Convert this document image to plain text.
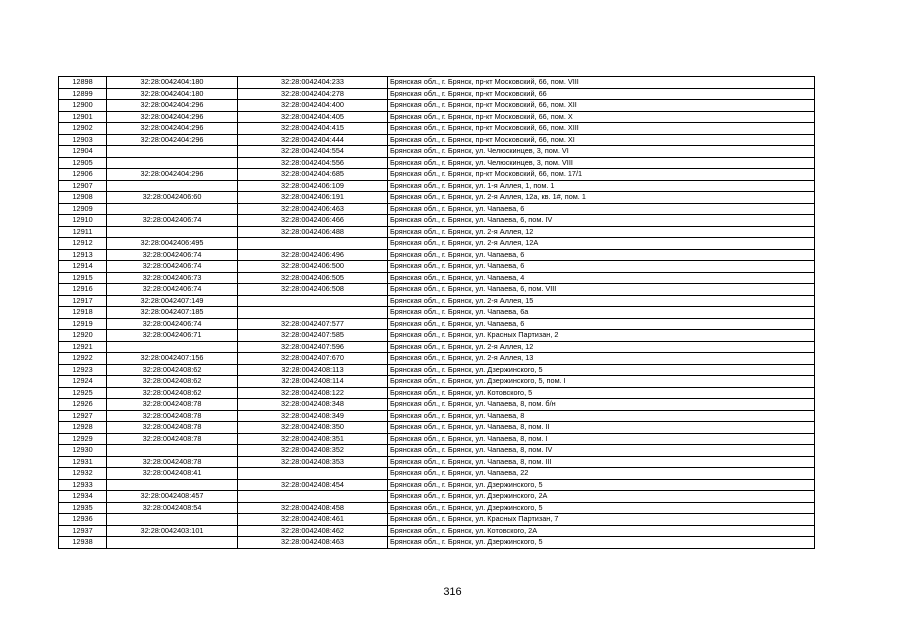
12898	32:28:0042404:180	32:28:0042404:233	Брянская обл., г. Брянск, пр-кт Московский, 66, пом. VIII
12899	32:28:0042404:180	32:28:0042404:278	Брянская обл., г. Брянск, пр-кт Московский, 66
12900	32:28:0042404:296	32:28:0042404:400	Брянская обл., г. Брянск, пр-кт Московский, 66, пом. XII
12901	32:28:0042404:296	32:28:0042404:405	Брянская обл., г. Брянск, пр-кт Московский, 66, пом. X
12902	32:28:0042404:296	32:28:0042404:415	Брянская обл., г. Брянск, пр-кт Московский, 66, пом. XIII
12903	32:28:0042404:296	32:28:0042404:444	Брянская обл., г. Брянск, пр-кт Московский, 66, пом. XI
12904		32:28:0042404:554	Брянская обл., г. Брянск, ул. Челюскинцев, 3, пом. VI
12905		32:28:0042404:556	Брянская обл., г. Брянск, ул. Челюскинцев, 3, пом. VIII
12906	32:28:0042404:296	32:28:0042404:685	Брянская обл., г. Брянск, пр-кт Московский, 66, пом. 17/1
12907		32:28:0042406:109	Брянская обл., г. Брянск, ул. 1-я Аллея, 1, пом. 1
12908	32:28:0042406:60	32:28:0042406:191	Брянская обл., г. Брянск, ул. 2-я Аллея, 12а, кв. 1#, пом. 1
12909		32:28:0042406:463	Брянская обл., г. Брянск, ул. Чапаева, 6
12910	32:28:0042406:74	32:28:0042406:466	Брянская обл., г. Брянск, ул. Чапаева, 6, пом. IV
12911		32:28:0042406:488	Брянская обл., г. Брянск, ул. 2-я Аллея, 12
12912	32:28:0042406:495		Брянская обл., г. Брянск, ул. 2-я Аллея, 12А
12913	32:28:0042406:74	32:28:0042406:496	Брянская обл., г. Брянск, ул. Чапаева, 6
12914	32:28:0042406:74	32:28:0042406:500	Брянская обл., г. Брянск, ул. Чапаева, 6
12915	32:28:0042406:73	32:28:0042406:505	Брянская обл., г. Брянск, ул. Чапаева, 4
12916	32:28:0042406:74	32:28:0042406:508	Брянская обл., г. Брянск, ул. Чапаева, 6, пом. VIII
12917	32:28:0042407:149		Брянская обл., г. Брянск, ул. 2-я Аллея, 15
12918	32:28:0042407:185		Брянская обл., г. Брянск, ул. Чапаева, 6а
12919	32:28:0042406:74	32:28:0042407:577	Брянская обл., г. Брянск, ул. Чапаева, 6
12920	32:28:0042406:71	32:28:0042407:585	Брянская обл., г. Брянск, ул. Красных Партизан, 2
12921		32:28:0042407:596	Брянская обл., г. Брянск, ул. 2-я Аллея, 12
12922	32:28:0042407:156	32:28:0042407:670	Брянская обл., г. Брянск, ул. 2-я Аллея, 13
12923	32:28:0042408:62	32:28:0042408:113	Брянская обл., г. Брянск, ул. Дзержинского, 5
12924	32:28:0042408:62	32:28:0042408:114	Брянская обл., г. Брянск, ул. Дзержинского, 5, пом. I
12925	32:28:0042408:62	32:28:0042408:122	Брянская обл., г. Брянск, ул. Котовского, 5
12926	32:28:0042408:78	32:28:0042408:348	Брянская обл., г. Брянск, ул. Чапаева, 8, пом. б/н
12927	32:28:0042408:78	32:28:0042408:349	Брянская обл., г. Брянск, ул. Чапаева, 8
12928	32:28:0042408:78	32:28:0042408:350	Брянская обл., г. Брянск, ул. Чапаева, 8, пом. II
12929	32:28:0042408:78	32:28:0042408:351	Брянская обл., г. Брянск, ул. Чапаева, 8, пом. I
12930		32:28:0042408:352	Брянская обл., г. Брянск, ул. Чапаева, 8, пом. IV
12931	32:28:0042408:78	32:28:0042408:353	Брянская обл., г. Брянск, ул. Чапаева, 8, пом. III
12932	32:28:0042408:41		Брянская обл., г. Брянск, ул. Чапаева, 22
12933		32:28:0042408:454	Брянская обл., г. Брянск, ул. Дзержинского, 5
12934	32:28:0042408:457		Брянская обл., г. Брянск, ул. Дзержинского, 2А
12935	32:28:0042408:54	32:28:0042408:458	Брянская обл., г. Брянск, ул. Дзержинского, 5
12936		32:28:0042408:461	Брянская обл., г. Брянск, ул. Красных Партизан, 7
12937	32:28:0042403:101	32:28:0042408:462	Брянская обл., г. Брянск, ул. Котовского, 2А
12938		32:28:0042408:463	Брянская обл., г. Брянск, ул. Дзержинского, 5
316
